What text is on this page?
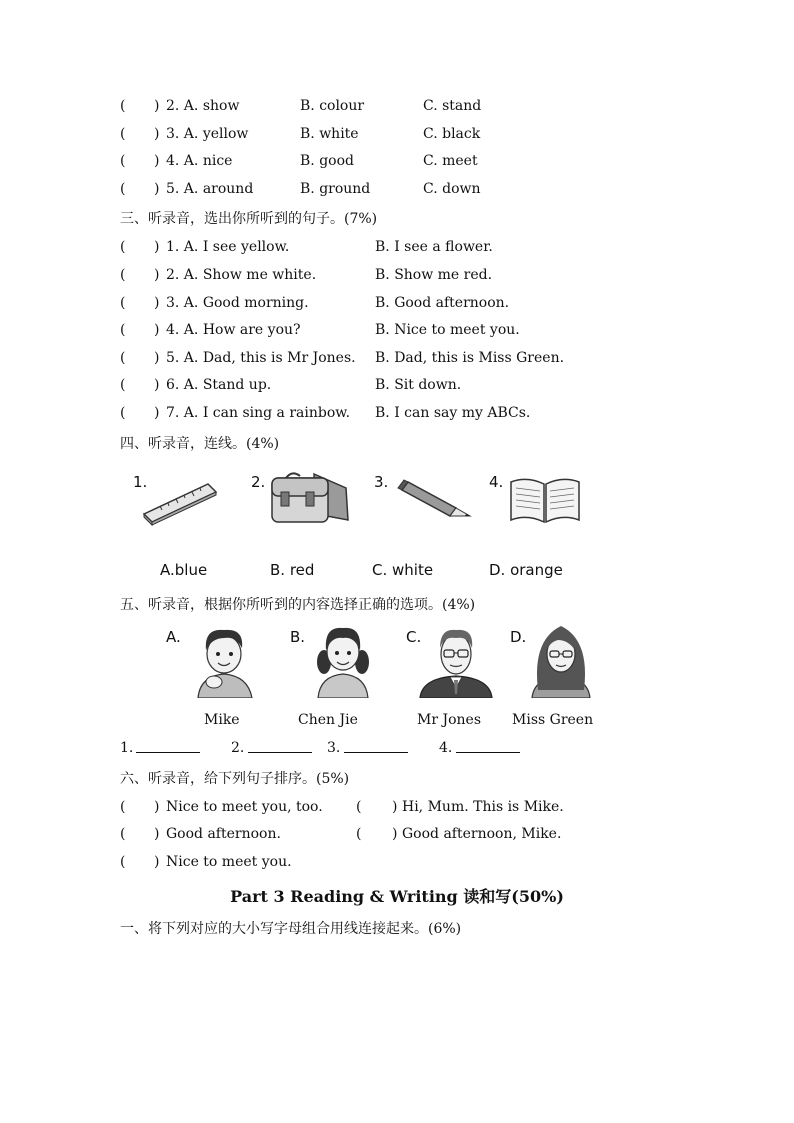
( ) 2. A. show	B. colour	C. stand
( ) 3. A. yellow	B. white	C. black
( ) 4. A. nice	B. good	C. meet
( ) 5. A. around	B. ground	C. down
三、听录音，选出你所听到的句子。(7%)
( ) 1. A. I see yellow.	B. I see a flower.
( ) 2. A. Show me white.	B. Show me red.
( ) 3. A. Good morning.	B. Good afternoon.
( ) 4. A. How are you?	B. Nice to meet you.
( ) 5. A. Dad, this is Mr Jones. B. Dad, this is Miss Green.
( ) 6. A. Stand up.	B. Sit down.
( ) 7. A. I can sing a rainbow. B. I can say my ABCs.
四、听录音，连线。(4%)
1.	2.	3.	4.
A.blue	B. red	C. white	D. orange
五、听录音，根据你所听到的内容选择正确的选项。(4%)
A.	B.	C.	D.
Mike	Chen Jie	Mr Jones Miss Green
1.	2.	3.	4.
六、听录音，给下列句子排序。(5%)
( ) Nice to meet you, too. ( ) Hi, Mum. This is Mike.
( ) Good afternoon.	( ) Good afternoon, Mike.
( ) Nice to meet you.
Part 3 Reading & Writing 读和写(50%)
一、将下列对应的大小写字母组合用线连接起来。(6%)
